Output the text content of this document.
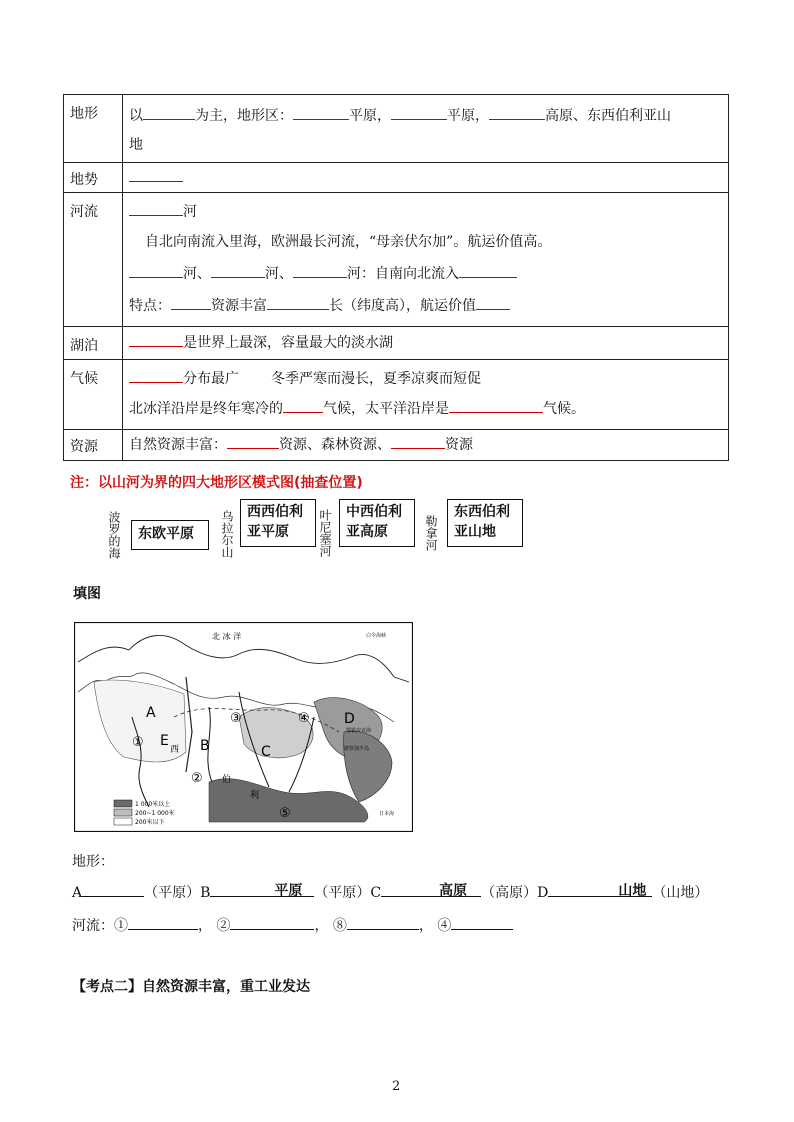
地形	以 为主，地形区： 平原， 平原， 高原、东西伯利亚山
地

地势	

河流	河
自北向南流入里海，欧洲最长河流，“母亲伏尔加”。航运价值高。
河、 河、 河：自南向北流入
特点： 资源丰富 长（纬度高），航运价值

湖泊	是世界上最深，容量最大的淡水湖

气候	分布最广 冬季严寒而漫长，夏季凉爽而短促
北冰洋沿岸是终年寒冷的 气候，太平洋沿岸是 气候。

资源	自然资源丰富： 资源、森林资源、 资源
注：以山河为界的四大地形区模式图(抽查位置)
波罗的海	东欧平原	乌拉尔山 西西伯利
亚平原	叶尼塞河 中西伯利
亚高原	勒拿河
东西伯利
亚山地
填图
北 冰 洋	白令海峡
鄂霍次克海
堪察加半岛
日本海
A
B	C
D
E
①
②
③	④
⑤
西
伯
利
1 000米以上
200~1 000米
200米以下
地形：
A	（平原）B	平原 （平原）C	高原 （高原）D	山地 （山地）
河流：①	， ②	， ⑧	， ④
【考点二】自然资源丰富，重工业发达
2
